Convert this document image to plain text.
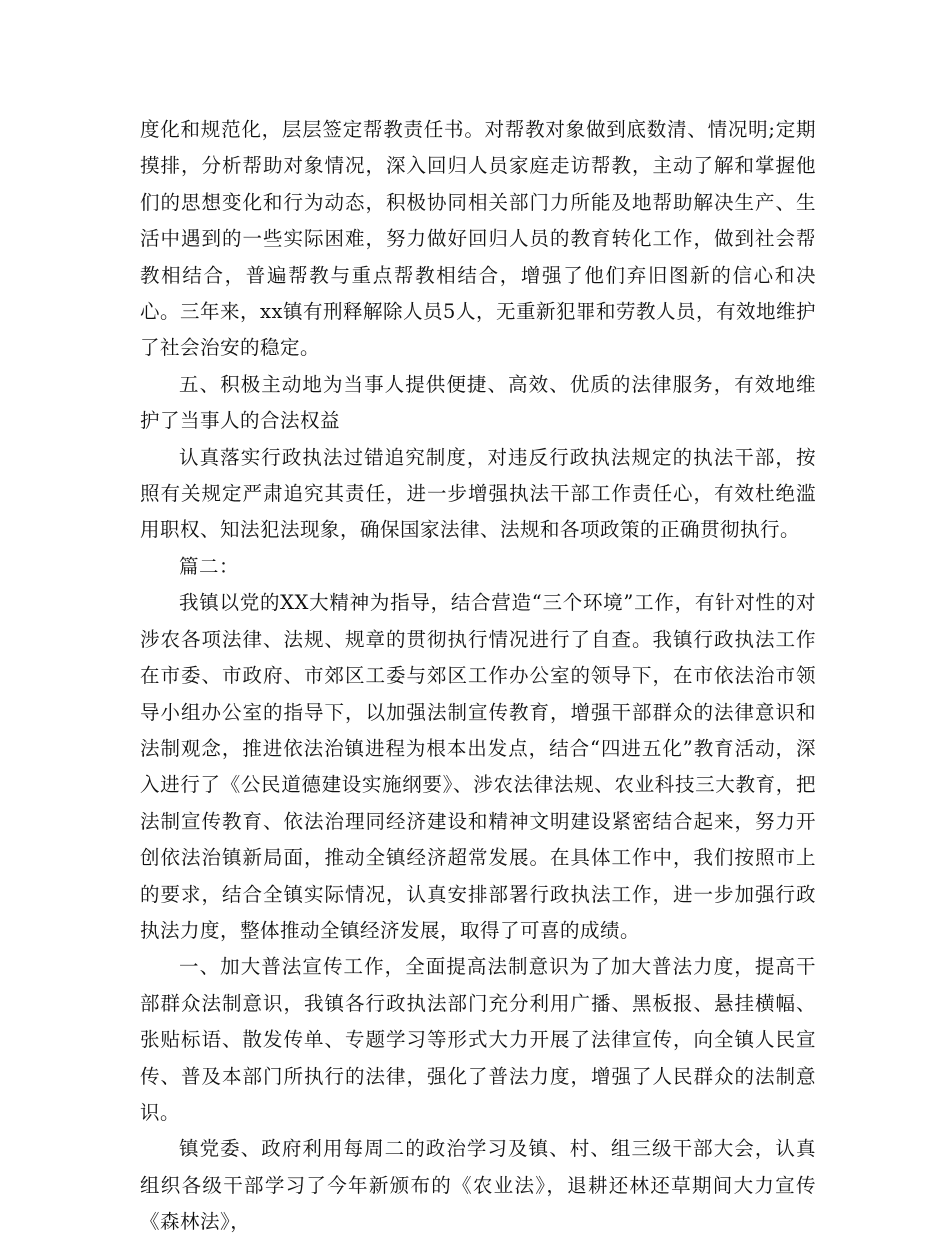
度化和规范化，层层签定帮教责任书。对帮教对象做到底数清、情况明;定期摸排，分析帮助对象情况，深入回归人员家庭走访帮教，主动了解和掌握他们的思想变化和行为动态，积极协同相关部门力所能及地帮助解决生产、生活中遇到的一些实际困难，努力做好回归人员的教育转化工作，做到社会帮教相结合，普遍帮教与重点帮教相结合，增强了他们弃旧图新的信心和决心。三年来，xx镇有刑释解除人员5人，无重新犯罪和劳教人员，有效地维护了社会治安的稳定。

五、积极主动地为当事人提供便捷、高效、优质的法律服务，有效地维护了当事人的合法权益

认真落实行政执法过错追究制度，对违反行政执法规定的执法干部，按照有关规定严肃追究其责任，进一步增强执法干部工作责任心，有效杜绝滥用职权、知法犯法现象，确保国家法律、法规和各项政策的正确贯彻执行。

篇二：

我镇以党的XX大精神为指导，结合营造“三个环境”工作，有针对性的对涉农各项法律、法规、规章的贯彻执行情况进行了自查。我镇行政执法工作在市委、市政府、市郊区工委与郊区工作办公室的领导下，在市依法治市领导小组办公室的指导下，以加强法制宣传教育，增强干部群众的法律意识和法制观念，推进依法治镇进程为根本出发点，结合“四进五化”教育活动，深入进行了《公民道德建设实施纲要》、涉农法律法规、农业科技三大教育，把法制宣传教育、依法治理同经济建设和精神文明建设紧密结合起来，努力开创依法治镇新局面，推动全镇经济超常发展。在具体工作中，我们按照市上的要求，结合全镇实际情况，认真安排部署行政执法工作，进一步加强行政执法力度，整体推动全镇经济发展，取得了可喜的成绩。

一、加大普法宣传工作，全面提高法制意识为了加大普法力度，提高干部群众法制意识，我镇各行政执法部门充分利用广播、黑板报、悬挂横幅、张贴标语、散发传单、专题学习等形式大力开展了法律宣传，向全镇人民宣传、普及本部门所执行的法律，强化了普法力度，增强了人民群众的法制意识。

镇党委、政府利用每周二的政治学习及镇、村、组三级干部大会，认真组织各级干部学习了今年新颁布的《农业法》，退耕还林还草期间大力宣传《森林法》，
